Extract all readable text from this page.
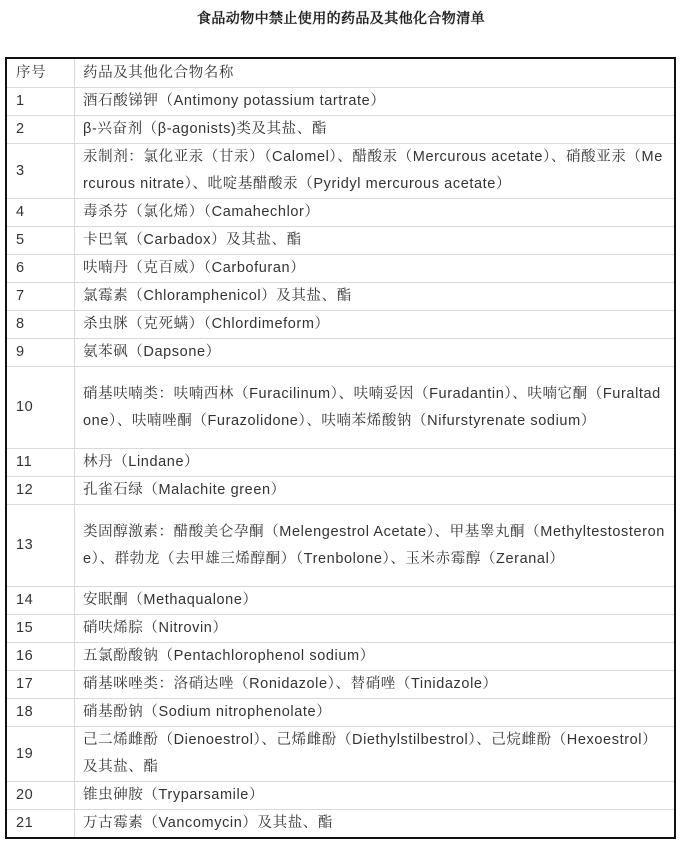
食品动物中禁止使用的药品及其他化合物清单
序号	药品及其他化合物名称
1	酒石酸锑钾（Antimony potassium tartrate）

2	β-兴奋剂（β-agonists)类及其盐、酯

3	汞制剂：氯化亚汞（甘汞）（Calomel）、醋酸汞（Mercurous acetate）、硝酸亚汞（Mercurous nitrate）、吡啶基醋酸汞（Pyridyl mercurous acetate）

4	毒杀芬（氯化烯）（Camahechlor）

5	卡巴氧（Carbadox）及其盐、酯

6	呋喃丹（克百威）（Carbofuran）

7	氯霉素（Chloramphenicol）及其盐、酯

8	杀虫脒（克死螨）（Chlordimeform）

9	氨苯砜（Dapsone）

10	硝基呋喃类：呋喃西林（Furacilinum）、呋喃妥因（Furadantin）、呋喃它酮（Furaltadone）、呋喃唑酮（Furazolidone）、呋喃苯烯酸钠（Nifurstyrenate sodium）

11	林丹（Lindane）

12	孔雀石绿（Malachite green）

13	类固醇激素：醋酸美仑孕酮（Melengestrol Acetate）、甲基睾丸酮（Methyltestosterone）、群勃龙（去甲雄三烯醇酮）（Trenbolone）、玉米赤霉醇（Zeranal）

14	安眠酮（Methaqualone）

15	硝呋烯腙（Nitrovin）

16	五氯酚酸钠（Pentachlorophenol sodium）

17	硝基咪唑类：洛硝达唑（Ronidazole）、替硝唑（Tinidazole）

18	硝基酚钠（Sodium nitrophenolate）

19	己二烯雌酚（Dienoestrol）、己烯雌酚（Diethylstilbestrol）、己烷雌酚（Hexoestrol）及其盐、酯

20	锥虫砷胺（Tryparsamile）

21	万古霉素（Vancomycin）及其盐、酯
